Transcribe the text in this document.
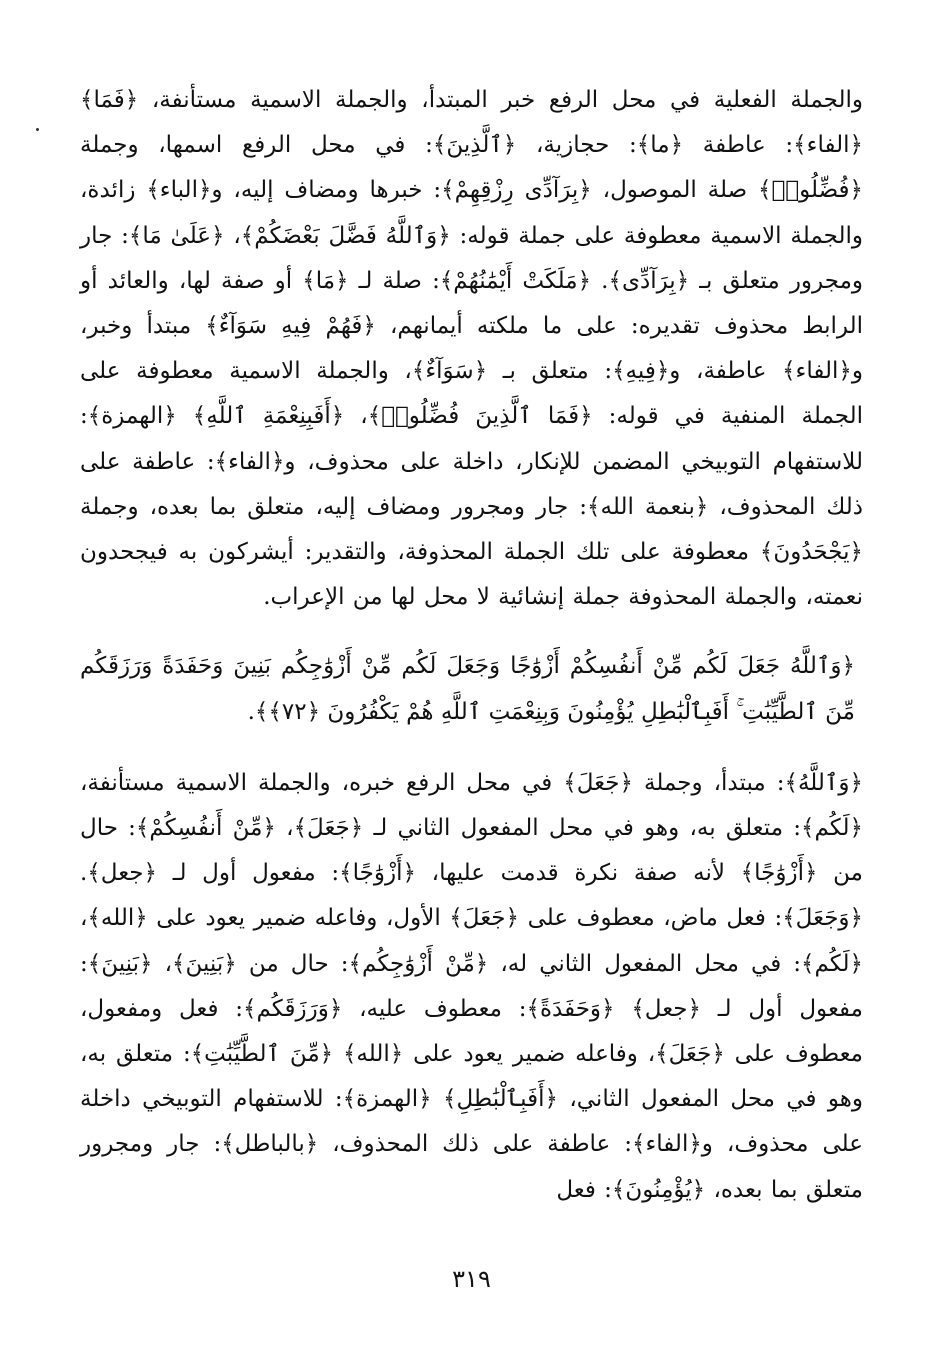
والجملة الفعلية في محل الرفع خبر المبتدأ، والجملة الاسمية مستأنفة، ﴿فَمَا﴾ ﴿الفاء﴾: عاطفة ﴿ما﴾: حجازية، ﴿ٱلَّذِينَ﴾: في محل الرفع اسمها، وجملة ﴿فُضِّلُوا۟﴾ صلة الموصول، ﴿بِرَآدِّى رِزْقِهِمْ﴾: خبرها ومضاف إليه، و﴿الباء﴾ زائدة، والجملة الاسمية معطوفة على جملة قوله: ﴿وَٱللَّهُ فَضَّلَ بَعْضَكُمْ﴾، ﴿عَلَىٰ مَا﴾: جار ومجرور متعلق بـ ﴿بِرَآدِّى﴾. ﴿مَلَكَتْ أَيْمَٰنُهُمْ﴾: صلة لـ ﴿مَا﴾ أو صفة لها، والعائد أو الرابط محذوف تقديره: على ما ملكته أيمانهم، ﴿فَهُمْ فِيهِ سَوَآءٌ﴾ مبتدأ وخبر، و﴿الفاء﴾ عاطفة، و﴿فِيهِ﴾: متعلق بـ ﴿سَوَآءٌ﴾، والجملة الاسمية معطوفة على الجملة المنفية في قوله: ﴿فَمَا ٱلَّذِينَ فُضِّلُوا۟﴾، ﴿أَفَبِنِعْمَةِ ٱللَّهِ﴾ ﴿الهمزة﴾: للاستفهام التوبيخي المضمن للإنكار، داخلة على محذوف، و﴿الفاء﴾: عاطفة على ذلك المحذوف، ﴿بنعمة الله﴾: جار ومجرور ومضاف إليه، متعلق بما بعده، وجملة ﴿يَجْحَدُونَ﴾ معطوفة على تلك الجملة المحذوفة، والتقدير: أيشركون به فيجحدون نعمته، والجملة المحذوفة جملة إنشائية لا محل لها من الإعراب.

﴿وَٱللَّهُ جَعَلَ لَكُم مِّنْ أَنفُسِكُمْ أَزْوَٰجًا وَجَعَلَ لَكُم مِّنْ أَزْوَٰجِكُم بَنِينَ وَحَفَدَةً وَرَزَقَكُم مِّنَ ٱلطَّيِّبَٰتِ ۚ أَفَبِٱلْبَٰطِلِ يُؤْمِنُونَ وَبِنِعْمَتِ ٱللَّهِ هُمْ يَكْفُرُونَ ﴿٧٢﴾﴾.

﴿وَٱللَّهُ﴾: مبتدأ، وجملة ﴿جَعَلَ﴾ في محل الرفع خبره، والجملة الاسمية مستأنفة، ﴿لَكُم﴾: متعلق به، وهو في محل المفعول الثاني لـ ﴿جَعَلَ﴾، ﴿مِّنْ أَنفُسِكُمْ﴾: حال من ﴿أَزْوَٰجًا﴾ لأنه صفة نكرة قدمت عليها، ﴿أَزْوَٰجًا﴾: مفعول أول لـ ﴿جعل﴾. ﴿وَجَعَلَ﴾: فعل ماض، معطوف على ﴿جَعَلَ﴾ الأول، وفاعله ضمير يعود على ﴿الله﴾، ﴿لَكُم﴾: في محل المفعول الثاني له، ﴿مِّنْ أَزْوَٰجِكُم﴾: حال من ﴿بَنِينَ﴾، ﴿بَنِينَ﴾: مفعول أول لـ ﴿جعل﴾ ﴿وَحَفَدَةً﴾: معطوف عليه، ﴿وَرَزَقَكُم﴾: فعل ومفعول، معطوف على ﴿جَعَلَ﴾، وفاعله ضمير يعود على ﴿الله﴾ ﴿مِّنَ ٱلطَّيِّبَٰتِ﴾: متعلق به، وهو في محل المفعول الثاني، ﴿أَفَبِٱلْبَٰطِلِ﴾ ﴿الهمزة﴾: للاستفهام التوبيخي داخلة على محذوف، و﴿الفاء﴾: عاطفة على ذلك المحذوف، ﴿بالباطل﴾: جار ومجرور متعلق بما بعده، ﴿يُؤْمِنُونَ﴾: فعل

٣١٩
